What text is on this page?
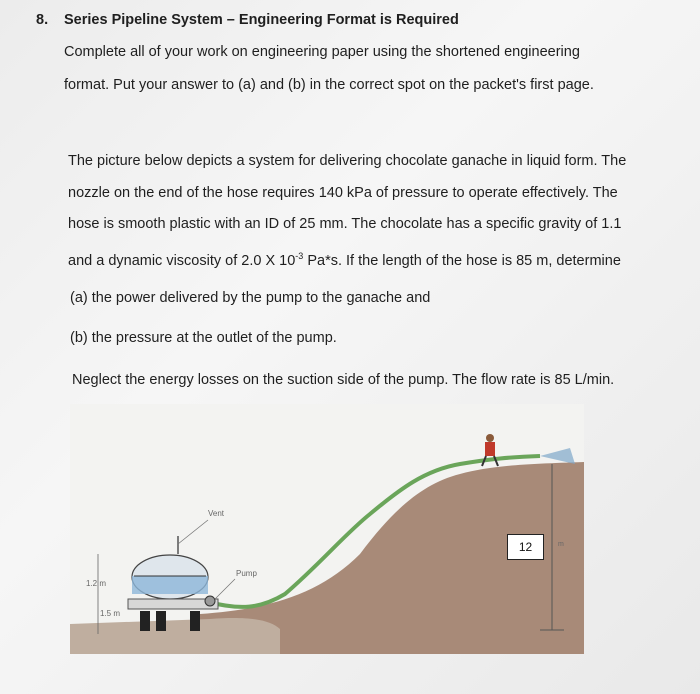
8. Series Pipeline System – Engineering Format is Required
Complete all of your work on engineering paper using the shortened engineering
format. Put your answer to (a) and (b) in the correct spot on the packet's first page.
The picture below depicts a system for delivering chocolate ganache in liquid form. The
nozzle on the end of the hose requires 140 kPa of pressure to operate effectively. The
hose is smooth plastic with an ID of 25 mm. The chocolate has a specific gravity of 1.1
and a dynamic viscosity of 2.0 X $10^{-3}$ Pa*s. If the length of the hose is 85 m, determine
(a) the power delivered by the pump to the ganache and
(b) the pressure at the outlet of the pump.
Neglect the energy losses on the suction side of the pump. The flow rate is 85 L/min.
Vent
Pump
1.2 m
1.5 m
m
12
